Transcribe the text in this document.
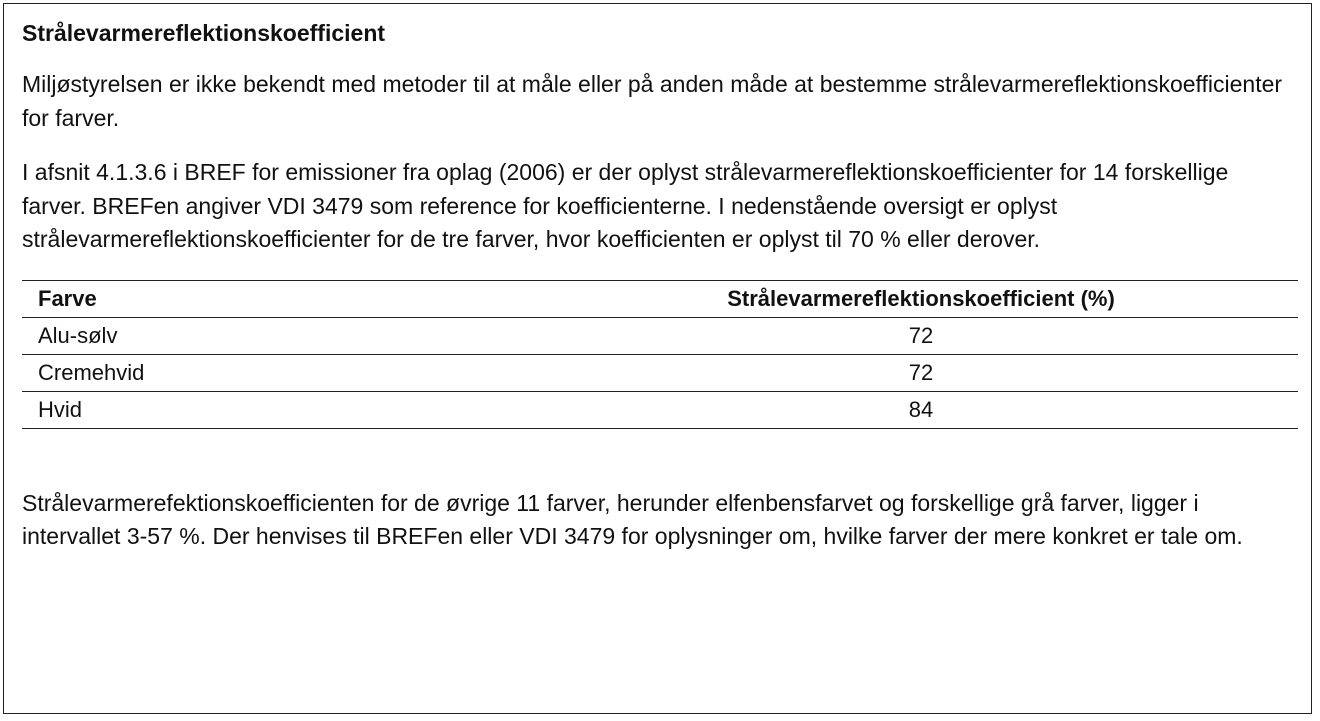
Strålevarmereflektionskoefficient

Miljøstyrelsen er ikke bekendt med metoder til at måle eller på anden måde at bestemme strålevarmereflektionskoefficienter for farver.

I afsnit 4.1.3.6 i BREF for emissioner fra oplag (2006) er der oplyst strålevarmereflektionskoefficienter for 14 forskellige farver. BREFen angiver VDI 3479 som reference for koefficienterne. I nedenstående oversigt er oplyst strålevarmereflektionskoefficienter for de tre farver, hvor koefficienten er oplyst til 70 % eller derover.

Farve	Strålevarmereflektionskoefficient (%)
Alu-sølv	72
Cremehvid	72
Hvid	84

Strålevarmerefektionskoefficienten for de øvrige 11 farver, herunder elfenbensfarvet og forskellige grå farver, ligger i intervallet 3-57 %. Der henvises til BREFen eller VDI 3479 for oplysninger om, hvilke farver der mere konkret er tale om.
